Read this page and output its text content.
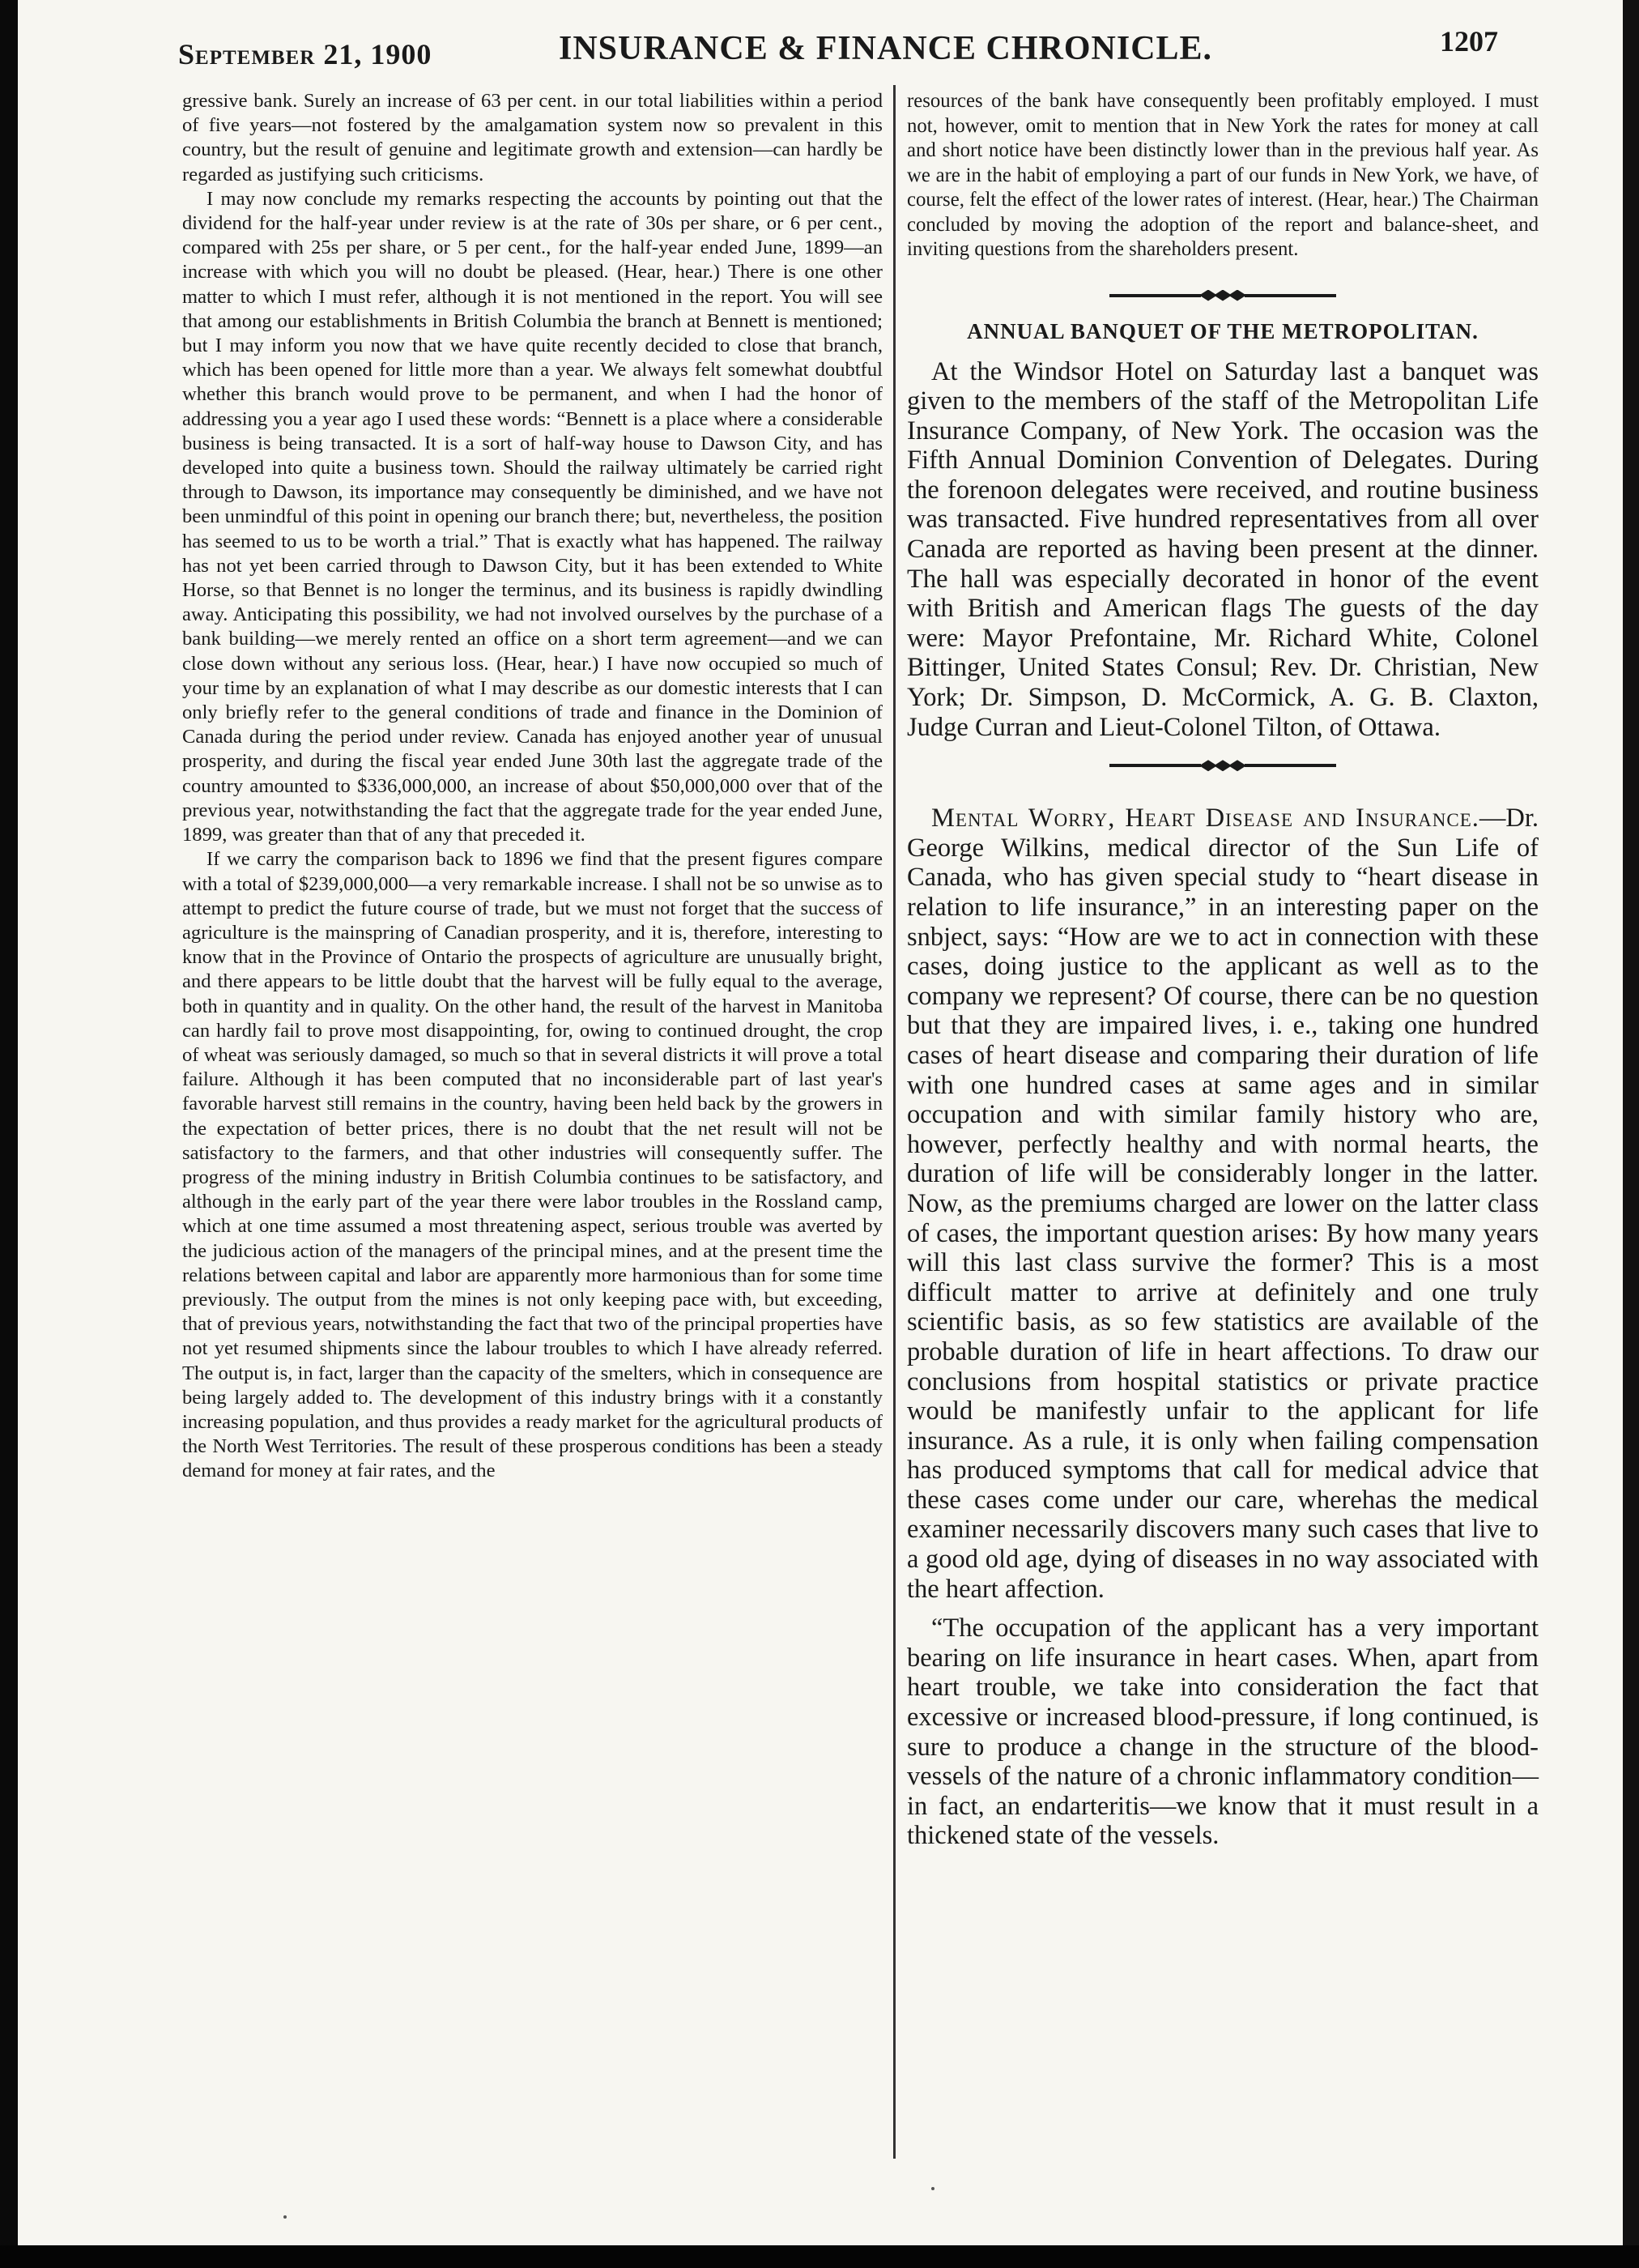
September 21, 1900	INSURANCE & FINANCE CHRONICLE.	1207

gressive bank. Surely an increase of 63 per cent. in our total liabilities within a period of five years—not fostered by the amalgamation system now so prevalent in this country, but the result of genuine and legitimate growth and extension—can hardly be regarded as justifying such criticisms.

I may now conclude my remarks respecting the accounts by pointing out that the dividend for the half-year under review is at the rate of 30s per share, or 6 per cent., compared with 25s per share, or 5 per cent., for the half-year ended June, 1899—an increase with which you will no doubt be pleased. (Hear, hear.) There is one other matter to which I must refer, although it is not mentioned in the report. You will see that among our establishments in British Columbia the branch at Bennett is mentioned; but I may inform you now that we have quite recently decided to close that branch, which has been opened for little more than a year. We always felt somewhat doubtful whether this branch would prove to be permanent, and when I had the honor of addressing you a year ago I used these words: “Bennett is a place where a considerable business is being transacted. It is a sort of half-way house to Dawson City, and has developed into quite a business town. Should the railway ultimately be carried right through to Dawson, its importance may consequently be diminished, and we have not been unmindful of this point in opening our branch there; but, nevertheless, the position has seemed to us to be worth a trial.” That is exactly what has happened. The railway has not yet been carried through to Dawson City, but it has been extended to White Horse, so that Bennet is no longer the terminus, and its business is rapidly dwindling away. Anticipating this possibility, we had not involved ourselves by the purchase of a bank building—we merely rented an office on a short term agreement—and we can close down without any serious loss. (Hear, hear.) I have now occupied so much of your time by an explanation of what I may describe as our domestic interests that I can only briefly refer to the general conditions of trade and finance in the Dominion of Canada during the period under review. Canada has enjoyed another year of unusual prosperity, and during the fiscal year ended June 30th last the aggregate trade of the country amounted to $336,000,000, an increase of about $50,000,000 over that of the previous year, notwithstanding the fact that the aggregate trade for the year ended June, 1899, was greater than that of any that preceded it.

If we carry the comparison back to 1896 we find that the present figures compare with a total of $239,000,000—a very remarkable increase. I shall not be so unwise as to attempt to predict the future course of trade, but we must not forget that the success of agriculture is the mainspring of Canadian prosperity, and it is, therefore, interesting to know that in the Province of Ontario the prospects of agriculture are unusually bright, and there appears to be little doubt that the harvest will be fully equal to the average, both in quantity and in quality. On the other hand, the result of the harvest in Manitoba can hardly fail to prove most disappointing, for, owing to continued drought, the crop of wheat was seriously damaged, so much so that in several districts it will prove a total failure. Although it has been computed that no inconsiderable part of last year's favorable harvest still remains in the country, having been held back by the growers in the expectation of better prices, there is no doubt that the net result will not be satisfactory to the farmers, and that other industries will consequently suffer. The progress of the mining industry in British Columbia continues to be satisfactory, and although in the early part of the year there were labor troubles in the Rossland camp, which at one time assumed a most threatening aspect, serious trouble was averted by the judicious action of the managers of the principal mines, and at the present time the relations between capital and labor are apparently more harmonious than for some time previously. The output from the mines is not only keeping pace with, but exceeding, that of previous years, notwithstanding the fact that two of the principal properties have not yet resumed shipments since the labour troubles to which I have already referred. The output is, in fact, larger than the capacity of the smelters, which in consequence are being largely added to. The development of this industry brings with it a constantly increasing population, and thus provides a ready market for the agricultural products of the North West Territories. The result of these prosperous conditions has been a steady demand for money at fair rates, and the

resources of the bank have consequently been profitably employed. I must not, however, omit to mention that in New York the rates for money at call and short notice have been distinctly lower than in the previous half year. As we are in the habit of employing a part of our funds in New York, we have, of course, felt the effect of the lower rates of interest. (Hear, hear.) The Chairman concluded by moving the adoption of the report and balance-sheet, and inviting questions from the shareholders present.

ANNUAL BANQUET OF THE METROPOLITAN.

At the Windsor Hotel on Saturday last a banquet was given to the members of the staff of the Metropolitan Life Insurance Company, of New York. The occasion was the Fifth Annual Dominion Convention of Delegates. During the forenoon delegates were received, and routine business was transacted. Five hundred representatives from all over Canada are reported as having been present at the dinner. The hall was especially decorated in honor of the event with British and American flags The guests of the day were: Mayor Prefontaine, Mr. Richard White, Colonel Bittinger, United States Consul; Rev. Dr. Christian, New York; Dr. Simpson, D. McCormick, A. G. B. Claxton, Judge Curran and Lieut-Colonel Tilton, of Ottawa.

Mental Worry, Heart Disease and Insurance.—Dr. George Wilkins, medical director of the Sun Life of Canada, who has given special study to “heart disease in relation to life insurance,” in an interesting paper on the snbject, says: “How are we to act in connection with these cases, doing justice to the applicant as well as to the company we represent? Of course, there can be no question but that they are impaired lives, i. e., taking one hundred cases of heart disease and comparing their duration of life with one hundred cases at same ages and in similar occupation and with similar family history who are, however, perfectly healthy and with normal hearts, the duration of life will be considerably longer in the latter. Now, as the premiums charged are lower on the latter class of cases, the important question arises: By how many years will this last class survive the former? This is a most difficult matter to arrive at definitely and one truly scientific basis, as so few statistics are available of the probable duration of life in heart affections. To draw our conclusions from hospital statistics or private practice would be manifestly unfair to the applicant for life insurance. As a rule, it is only when failing compensation has produced symptoms that call for medical advice that these cases come under our care, wherehas the medical examiner necessarily discovers many such cases that live to a good old age, dying of diseases in no way associated with the heart affection.

“The occupation of the applicant has a very important bearing on life insurance in heart cases. When, apart from heart trouble, we take into consideration the fact that excessive or increased blood-pressure, if long continued, is sure to produce a change in the structure of the blood-vessels of the nature of a chronic inflammatory condition—in fact, an endarteritis—we know that it must result in a thickened state of the vessels.
